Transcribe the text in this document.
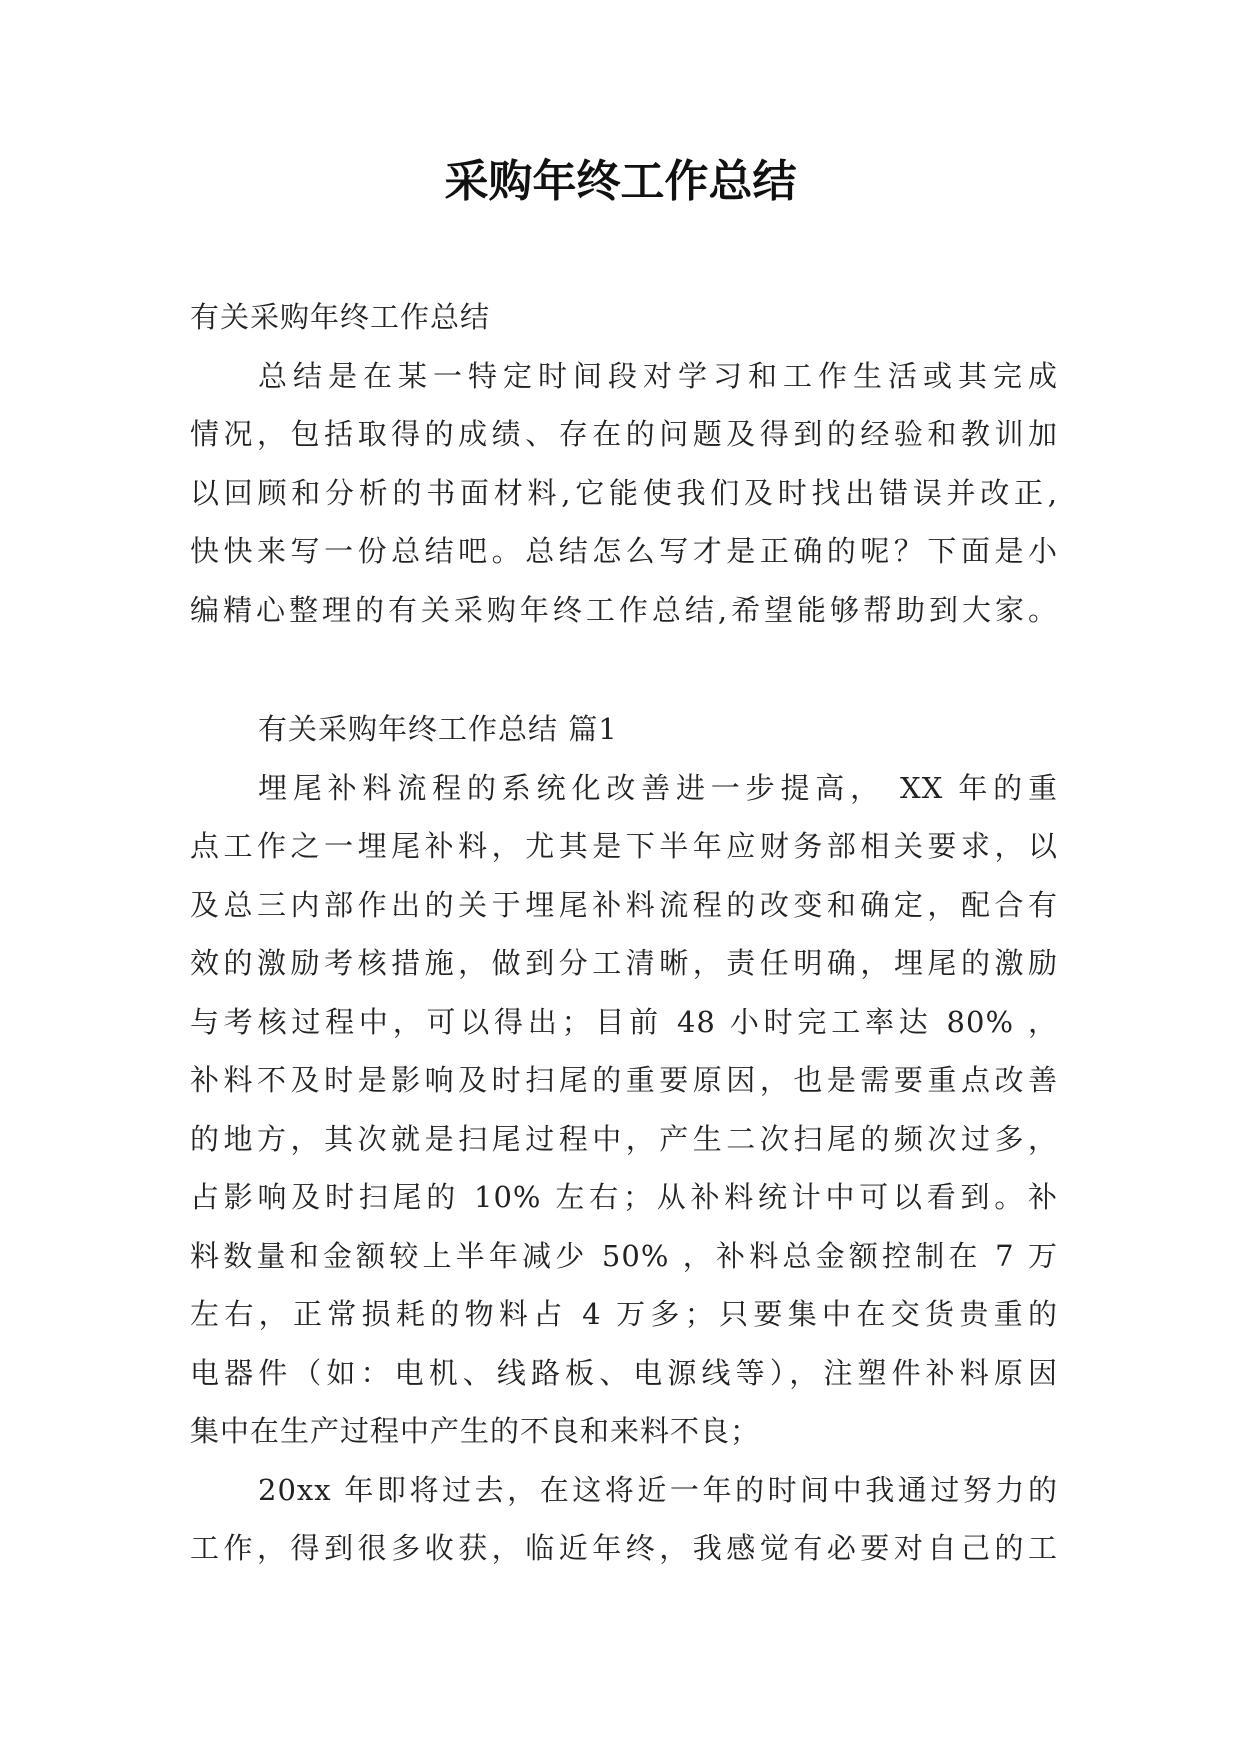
采购年终工作总结
有关采购年终工作总结
总结是在某一特定时间段对学习和工作生活或其完成
情况，包括取得的成绩、存在的问题及得到的经验和教训加
以回顾和分析的书面材料,它能使我们及时找出错误并改正,
快快来写一份总结吧。总结怎么写才是正确的呢？下面是小
编精心整理的有关采购年终工作总结,希望能够帮助到大家。
有关采购年终工作总结 篇1
埋尾补料流程的系统化改善进一步提高， XX 年的重
点工作之一埋尾补料，尤其是下半年应财务部相关要求，以
及总三内部作出的关于埋尾补料流程的改变和确定，配合有
效的激励考核措施，做到分工清晰，责任明确，埋尾的激励
与考核过程中，可以得出；目前 48 小时完工率达 80% ，
补料不及时是影响及时扫尾的重要原因，也是需要重点改善
的地方，其次就是扫尾过程中，产生二次扫尾的频次过多，
占影响及时扫尾的 10% 左右；从补料统计中可以看到。补
料数量和金额较上半年减少 50% ，补料总金额控制在 7 万
左右，正常损耗的物料占 4 万多；只要集中在交货贵重的
电器件（如：电机、线路板、电源线等），注塑件补料原因
集中在生产过程中产生的不良和来料不良；
20xx 年即将过去，在这将近一年的时间中我通过努力的
工作，得到很多收获，临近年终，我感觉有必要对自己的工
